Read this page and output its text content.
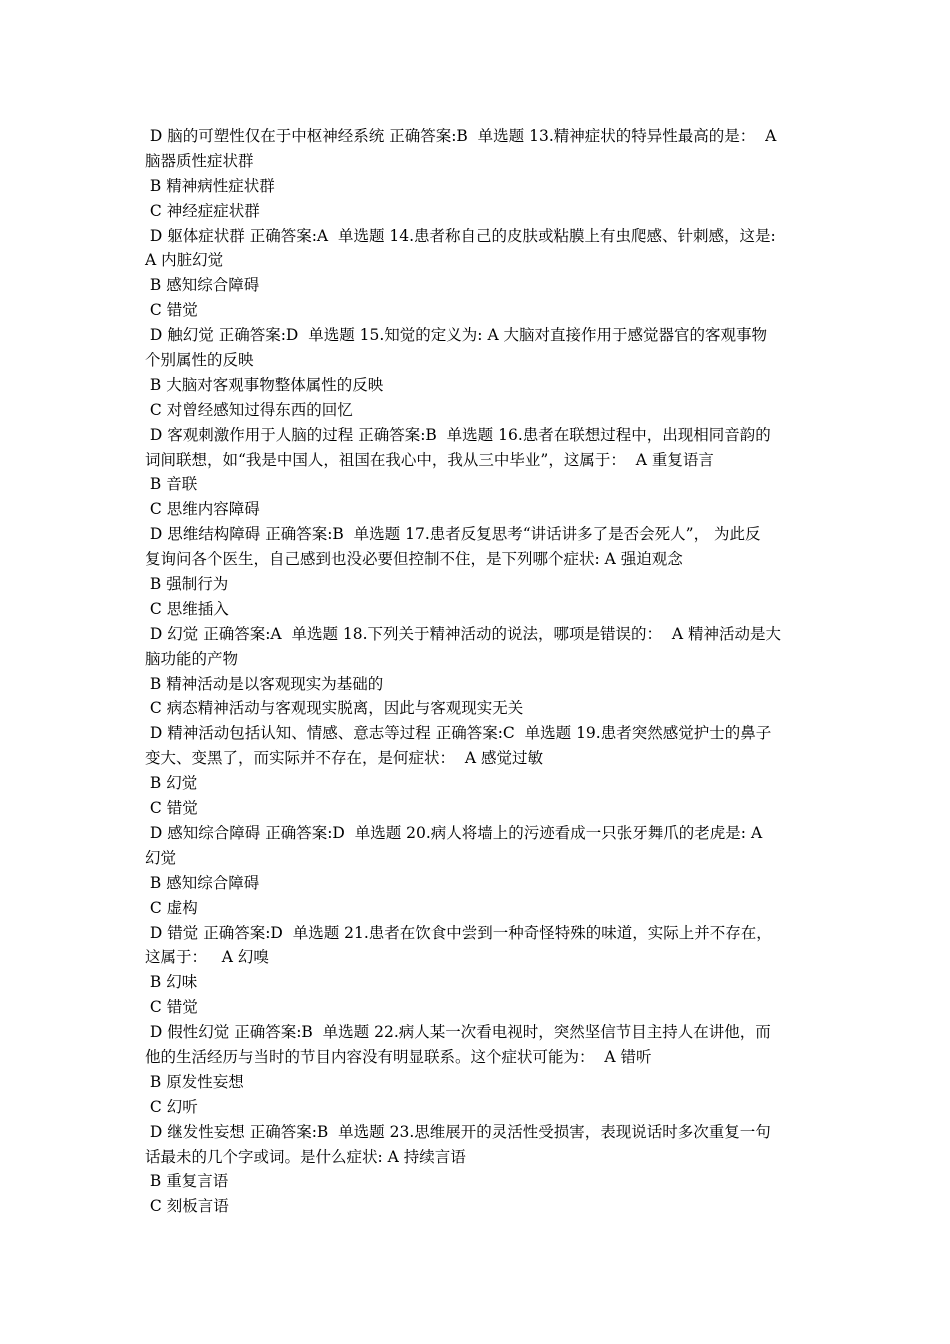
D 脑的可塑性仅在于中枢神经系统 正确答案:B  单选题 13.精神症状的特异性最高的是：  A
脑器质性症状群
B 精神病性症状群
C 神经症症状群
D 躯体症状群 正确答案:A  单选题 14.患者称自己的皮肤或粘膜上有虫爬感、针刺感，这是:
A 内脏幻觉
B 感知综合障碍
C 错觉
D 触幻觉 正确答案:D  单选题 15.知觉的定义为: A 大脑对直接作用于感觉器官的客观事物
个别属性的反映
B 大脑对客观事物整体属性的反映
C 对曾经感知过得东西的回忆
D 客观刺激作用于人脑的过程 正确答案:B  单选题 16.患者在联想过程中，出现相同音韵的
词间联想，如“我是中国人，祖国在我心中，我从三中毕业”，这属于：  A 重复语言
B 音联
C 思维内容障碍
D 思维结构障碍 正确答案:B  单选题 17.患者反复思考“讲话讲多了是否会死人”， 为此反
复询问各个医生，自己感到也没必要但控制不住，是下列哪个症状: A 强迫观念
B 强制行为
C 思维插入
D 幻觉 正确答案:A  单选题 18.下列关于精神活动的说法，哪项是错误的：  A 精神活动是大
脑功能的产物
B 精神活动是以客观现实为基础的
C 病态精神活动与客观现实脱离，因此与客观现实无关
D 精神活动包括认知、情感、意志等过程 正确答案:C  单选题 19.患者突然感觉护士的鼻子
变大、变黑了，而实际并不存在，是何症状：  A 感觉过敏
B 幻觉
C 错觉
D 感知综合障碍 正确答案:D  单选题 20.病人将墙上的污迹看成一只张牙舞爪的老虎是: A
幻觉
B 感知综合障碍
C 虚构
D 错觉 正确答案:D  单选题 21.患者在饮食中尝到一种奇怪特殊的味道，实际上并不存在，
这属于：   A 幻嗅
B 幻味
C 错觉
D 假性幻觉 正确答案:B  单选题 22.病人某一次看电视时，突然坚信节目主持人在讲他，而
他的生活经历与当时的节目内容没有明显联系。这个症状可能为：  A 错听
B 原发性妄想
C 幻听
D 继发性妄想 正确答案:B  单选题 23.思维展开的灵活性受损害，表现说话时多次重复一句
话最未的几个字或词。是什么症状: A 持续言语
B 重复言语
C 刻板言语
